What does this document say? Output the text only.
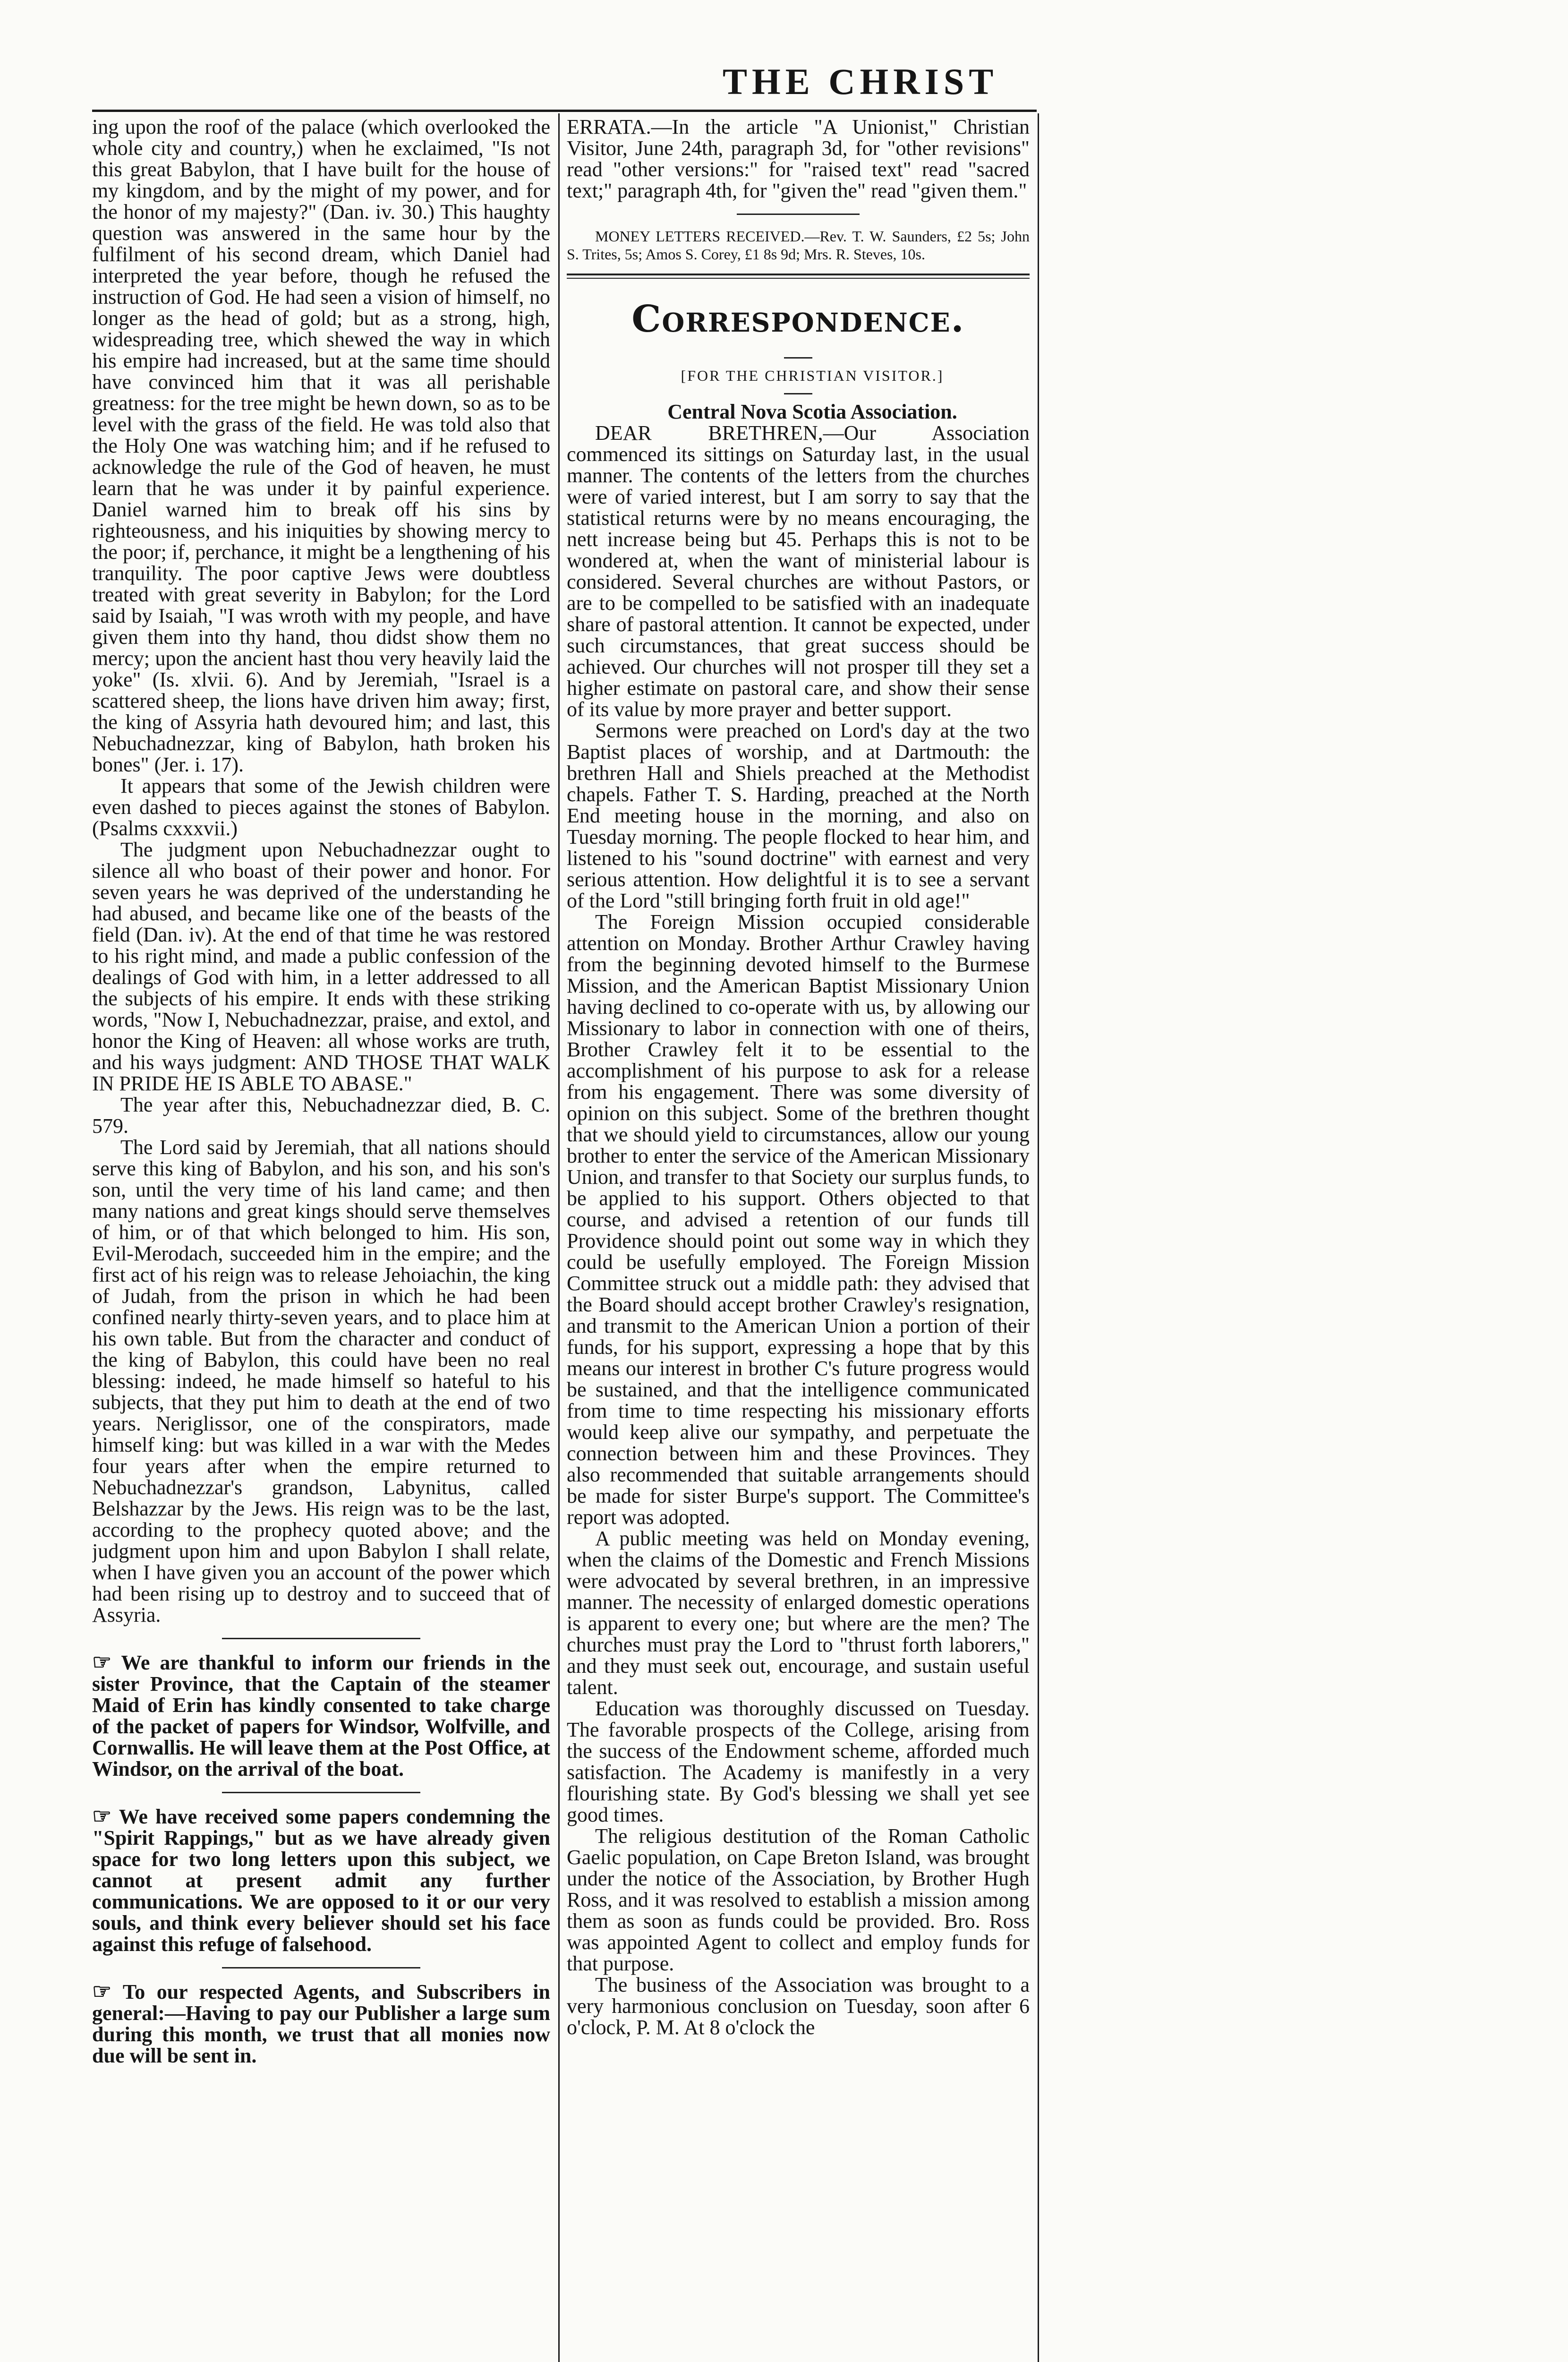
THE CHRIST

ing upon the roof of the palace (which overlooked the whole city and country,) when he exclaimed, "Is not this great Babylon, that I have built for the house of my kingdom, and by the might of my power, and for the honor of my majesty?" (Dan. iv. 30.) This haughty question was answered in the same hour by the fulfilment of his second dream, which Daniel had interpreted the year before, though he refused the instruction of God. He had seen a vision of himself, no longer as the head of gold; but as a strong, high, widespreading tree, which shewed the way in which his empire had increased, but at the same time should have convinced him that it was all perishable greatness: for the tree might be hewn down, so as to be level with the grass of the field. He was told also that the Holy One was watching him; and if he refused to acknowledge the rule of the God of heaven, he must learn that he was under it by painful experience. Daniel warned him to break off his sins by righteousness, and his iniquities by showing mercy to the poor; if, perchance, it might be a lengthening of his tranquility. The poor captive Jews were doubtless treated with great severity in Babylon; for the Lord said by Isaiah, "I was wroth with my people, and have given them into thy hand, thou didst show them no mercy; upon the ancient hast thou very heavily laid the yoke" (Is. xlvii. 6). And by Jeremiah, "Israel is a scattered sheep, the lions have driven him away; first, the king of Assyria hath devoured him; and last, this Nebuchadnezzar, king of Babylon, hath broken his bones" (Jer. i. 17).

It appears that some of the Jewish children were even dashed to pieces against the stones of Babylon. (Psalms cxxxvii.)

The judgment upon Nebuchadnezzar ought to silence all who boast of their power and honor. For seven years he was deprived of the understanding he had abused, and became like one of the beasts of the field (Dan. iv). At the end of that time he was restored to his right mind, and made a public confession of the dealings of God with him, in a letter addressed to all the subjects of his empire. It ends with these striking words, "Now I, Nebuchadnezzar, praise, and extol, and honor the King of Heaven: all whose works are truth, and his ways judgment: AND THOSE THAT WALK IN PRIDE HE IS ABLE TO ABASE."

The year after this, Nebuchadnezzar died, B. C. 579.

The Lord said by Jeremiah, that all nations should serve this king of Babylon, and his son, and his son's son, until the very time of his land came; and then many nations and great kings should serve themselves of him, or of that which belonged to him. His son, Evil-Merodach, succeeded him in the empire; and the first act of his reign was to release Jehoiachin, the king of Judah, from the prison in which he had been confined nearly thirty-seven years, and to place him at his own table. But from the character and conduct of the king of Babylon, this could have been no real blessing: indeed, he made himself so hateful to his subjects, that they put him to death at the end of two years. Neriglissor, one of the conspirators, made himself king: but was killed in a war with the Medes four years after when the empire returned to Nebuchadnezzar's grandson, Labynitus, called Belshazzar by the Jews. His reign was to be the last, according to the prophecy quoted above; and the judgment upon him and upon Babylon I shall relate, when I have given you an account of the power which had been rising up to destroy and to succeed that of Assyria.

☞ We are thankful to inform our friends in the sister Province, that the Captain of the steamer Maid of Erin has kindly consented to take charge of the packet of papers for Windsor, Wolfville, and Cornwallis. He will leave them at the Post Office, at Windsor, on the arrival of the boat.

☞ We have received some papers condemning the "Spirit Rappings," but as we have already given space for two long letters upon this subject, we cannot at present admit any further communications. We are opposed to it or our very souls, and think every believer should set his face against this refuge of falsehood.

☞ To our respected Agents, and Subscribers in general:—Having to pay our Publisher a large sum during this month, we trust that all monies now due will be sent in.

ERRATA.—In the article "A Unionist," Christian Visitor, June 24th, paragraph 3d, for "other revisions" read "other versions:" for "raised text" read "sacred text;" paragraph 4th, for "given the" read "given them."

MONEY LETTERS RECEIVED.—Rev. T. W. Saunders, £2 5s; John S. Trites, 5s; Amos S. Corey, £1 8s 9d; Mrs. R. Steves, 10s.

Correspondence.

[FOR THE CHRISTIAN VISITOR.]

Central Nova Scotia Association.

DEAR BRETHREN,—Our Association commenced its sittings on Saturday last, in the usual manner. The contents of the letters from the churches were of varied interest, but I am sorry to say that the statistical returns were by no means encouraging, the nett increase being but 45. Perhaps this is not to be wondered at, when the want of ministerial labour is considered. Several churches are without Pastors, or are to be compelled to be satisfied with an inadequate share of pastoral attention. It cannot be expected, under such circumstances, that great success should be achieved. Our churches will not prosper till they set a higher estimate on pastoral care, and show their sense of its value by more prayer and better support.

Sermons were preached on Lord's day at the two Baptist places of worship, and at Dartmouth: the brethren Hall and Shiels preached at the Methodist chapels. Father T. S. Harding, preached at the North End meeting house in the morning, and also on Tuesday morning. The people flocked to hear him, and listened to his "sound doctrine" with earnest and very serious attention. How delightful it is to see a servant of the Lord "still bringing forth fruit in old age!"

The Foreign Mission occupied considerable attention on Monday. Brother Arthur Crawley having from the beginning devoted himself to the Burmese Mission, and the American Baptist Missionary Union having declined to co-operate with us, by allowing our Missionary to labor in connection with one of theirs, Brother Crawley felt it to be essential to the accomplishment of his purpose to ask for a release from his engagement. There was some diversity of opinion on this subject. Some of the brethren thought that we should yield to circumstances, allow our young brother to enter the service of the American Missionary Union, and transfer to that Society our surplus funds, to be applied to his support. Others objected to that course, and advised a retention of our funds till Providence should point out some way in which they could be usefully employed. The Foreign Mission Committee struck out a middle path: they advised that the Board should accept brother Crawley's resignation, and transmit to the American Union a portion of their funds, for his support, expressing a hope that by this means our interest in brother C's future progress would be sustained, and that the intelligence communicated from time to time respecting his missionary efforts would keep alive our sympathy, and perpetuate the connection between him and these Provinces. They also recommended that suitable arrangements should be made for sister Burpe's support. The Committee's report was adopted.

A public meeting was held on Monday evening, when the claims of the Domestic and French Missions were advocated by several brethren, in an impressive manner. The necessity of enlarged domestic operations is apparent to every one; but where are the men? The churches must pray the Lord to "thrust forth laborers," and they must seek out, encourage, and sustain useful talent.

Education was thoroughly discussed on Tuesday. The favorable prospects of the College, arising from the success of the Endowment scheme, afforded much satisfaction. The Academy is manifestly in a very flourishing state. By God's blessing we shall yet see good times.

The religious destitution of the Roman Catholic Gaelic population, on Cape Breton Island, was brought under the notice of the Association, by Brother Hugh Ross, and it was resolved to establish a mission among them as soon as funds could be provided. Bro. Ross was appointed Agent to collect and employ funds for that purpose.

The business of the Association was brought to a very harmonious conclusion on Tuesday, soon after 6 o'clock, P. M. At 8 o'clock the
